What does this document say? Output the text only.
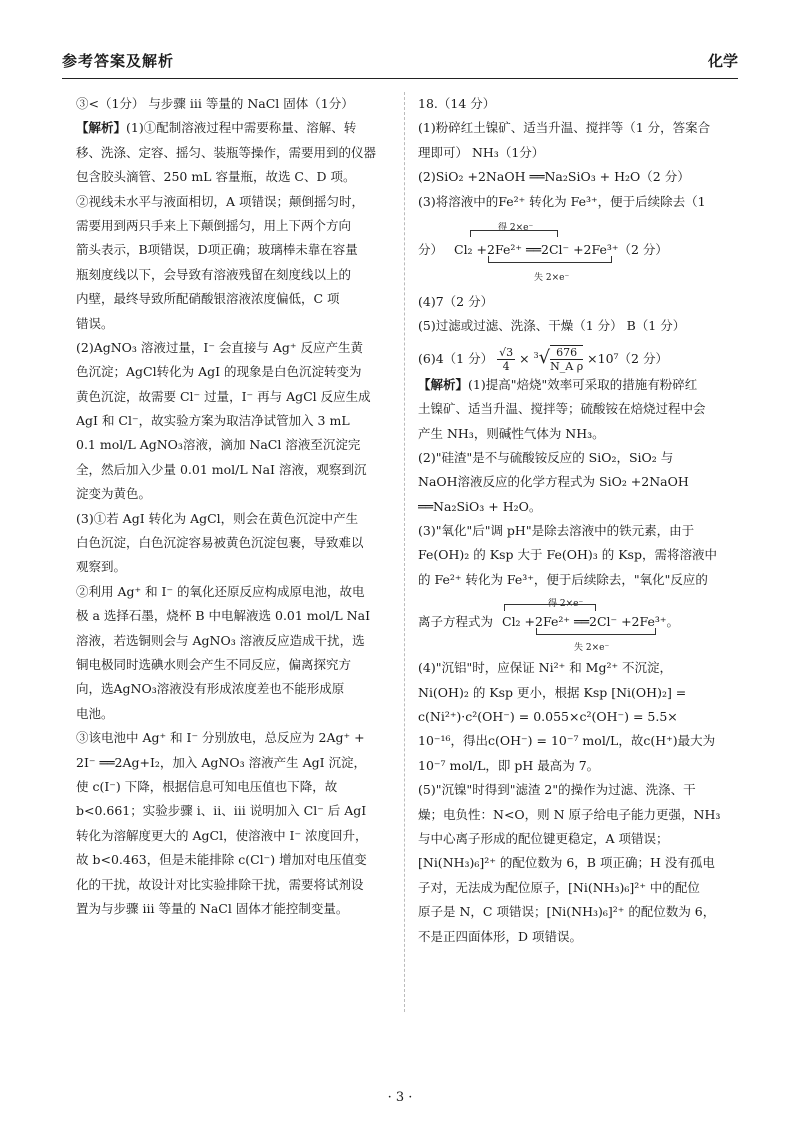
参考答案及解析	化学
③<（1分） 与步骤 iii 等量的 NaCl 固体（1分）
【解析】(1)①配制溶液过程中需要称量、溶解、转
移、洗涤、定容、摇匀、装瓶等操作，需要用到的仪器
包含胶头滴管、250 mL 容量瓶，故选 C、D 项。
②视线未水平与液面相切，A 项错误；颠倒摇匀时，
需要用到两只手来上下颠倒摇匀，用上下两个方向
箭头表示，B项错误，D项正确；玻璃棒未靠在容量
瓶刻度线以下，会导致有溶液残留在刻度线以上的
内壁，最终导致所配硝酸银溶液浓度偏低，C 项
错误。
(2)AgNO₃ 溶液过量，I⁻ 会直接与 Ag⁺ 反应产生黄
色沉淀；AgCl转化为 AgI 的现象是白色沉淀转变为
黄色沉淀，故需要 Cl⁻ 过量，I⁻ 再与 AgCl 反应生成
AgI 和 Cl⁻，故实验方案为取洁净试管加入 3 mL
0.1 mol/L AgNO₃溶液，滴加 NaCl 溶液至沉淀完
全，然后加入少量 0.01 mol/L NaI 溶液，观察到沉
淀变为黄色。
(3)①若 AgI 转化为 AgCl，则会在黄色沉淀中产生
白色沉淀，白色沉淀容易被黄色沉淀包裹，导致难以
观察到。
②利用 Ag⁺ 和 I⁻ 的氧化还原反应构成原电池，故电
极 a 选择石墨，烧杯 B 中电解液选 0.01 mol/L NaI
溶液，若选铜则会与 AgNO₃ 溶液反应造成干扰，选
铜电极同时选碘水则会产生不同反应，偏离探究方
向，选AgNO₃溶液没有形成浓度差也不能形成原
电池。
③该电池中 Ag⁺ 和 I⁻ 分别放电，总反应为 2Ag⁺ +
2I⁻ ══2Ag+I₂，加入 AgNO₃ 溶液产生 AgI 沉淀，
使 c(I⁻) 下降，根据信息可知电压值也下降，故
b<0.661；实验步骤 i、ii、iii 说明加入 Cl⁻ 后 AgI
转化为溶解度更大的 AgCl，使溶液中 I⁻ 浓度回升，
故 b<0.463，但是未能排除 c(Cl⁻) 增加对电压值变
化的干扰，故设计对比实验排除干扰，需要将试剂设
置为与步骤 iii 等量的 NaCl 固体才能控制变量。
18.（14 分）
(1)粉碎红土镍矿、适当升温、搅拌等（1 分，答案合
理即可） NH₃（1分）
(2)SiO₂ +2NaOH ══Na₂SiO₃ + H₂O（2 分）
(3)将溶液中的Fe²⁺ 转化为 Fe³⁺，便于后续除去（1
分） Cl₂ +2Fe²⁺ ══2Cl⁻ +2Fe³⁺（2 分）
得 2×e⁻
失 2×e⁻
(4)7（2 分）
(5)过滤或过滤、洗涤、干燥（1 分） B（1 分）
(6)4（1 分） $\frac{√3}{4} \times ^3√ \frac{676}{\text{N\_A ρ}} \times 10^7(2$ 分）
【解析】(1)提高"焙烧"效率可采取的措施有粉碎红
土镍矿、适当升温、搅拌等；硫酸铵在焙烧过程中会
产生 NH₃，则碱性气体为 NH₃。
(2)"硅渣"是不与硫酸铵反应的 SiO₂，SiO₂ 与
NaOH溶液反应的化学方程式为 SiO₂ +2NaOH
══Na₂SiO₃ + H₂O。
(3)"氧化"后"调 pH"是除去溶液中的铁元素，由于
Fe(OH)₂ 的 Ksp 大于 Fe(OH)₃ 的 Ksp，需将溶液中
的 Fe²⁺ 转化为 Fe³⁺，便于后续除去，"氧化"反应的
离子方程式为 Cl₂ +2Fe²⁺ ══2Cl⁻ +2Fe³⁺。
得 2×e⁻
失 2×e⁻
(4)"沉铝"时，应保证 Ni²⁺ 和 Mg²⁺ 不沉淀，
Ni(OH)₂ 的 Ksp 更小，根据 Ksp [Ni(OH)₂] =
c(Ni²⁺)·c²(OH⁻) = 0.055×c²(OH⁻) = 5.5×
10⁻¹⁶，得出c(OH⁻) = 10⁻⁷ mol/L，故c(H⁺)最大为
10⁻⁷ mol/L，即 pH 最高为 7。
(5)"沉镍"时得到"滤渣 2"的操作为过滤、洗涤、干
燥；电负性：N<O，则 N 原子给电子能力更强，NH₃
与中心离子形成的配位键更稳定，A 项错误；
[Ni(NH₃)₆]²⁺ 的配位数为 6，B 项正确；H 没有孤电
子对，无法成为配位原子，[Ni(NH₃)₆]²⁺ 中的配位
原子是 N，C 项错误；[Ni(NH₃)₆]²⁺ 的配位数为 6，
不是正四面体形，D 项错误。
· 3 ·
